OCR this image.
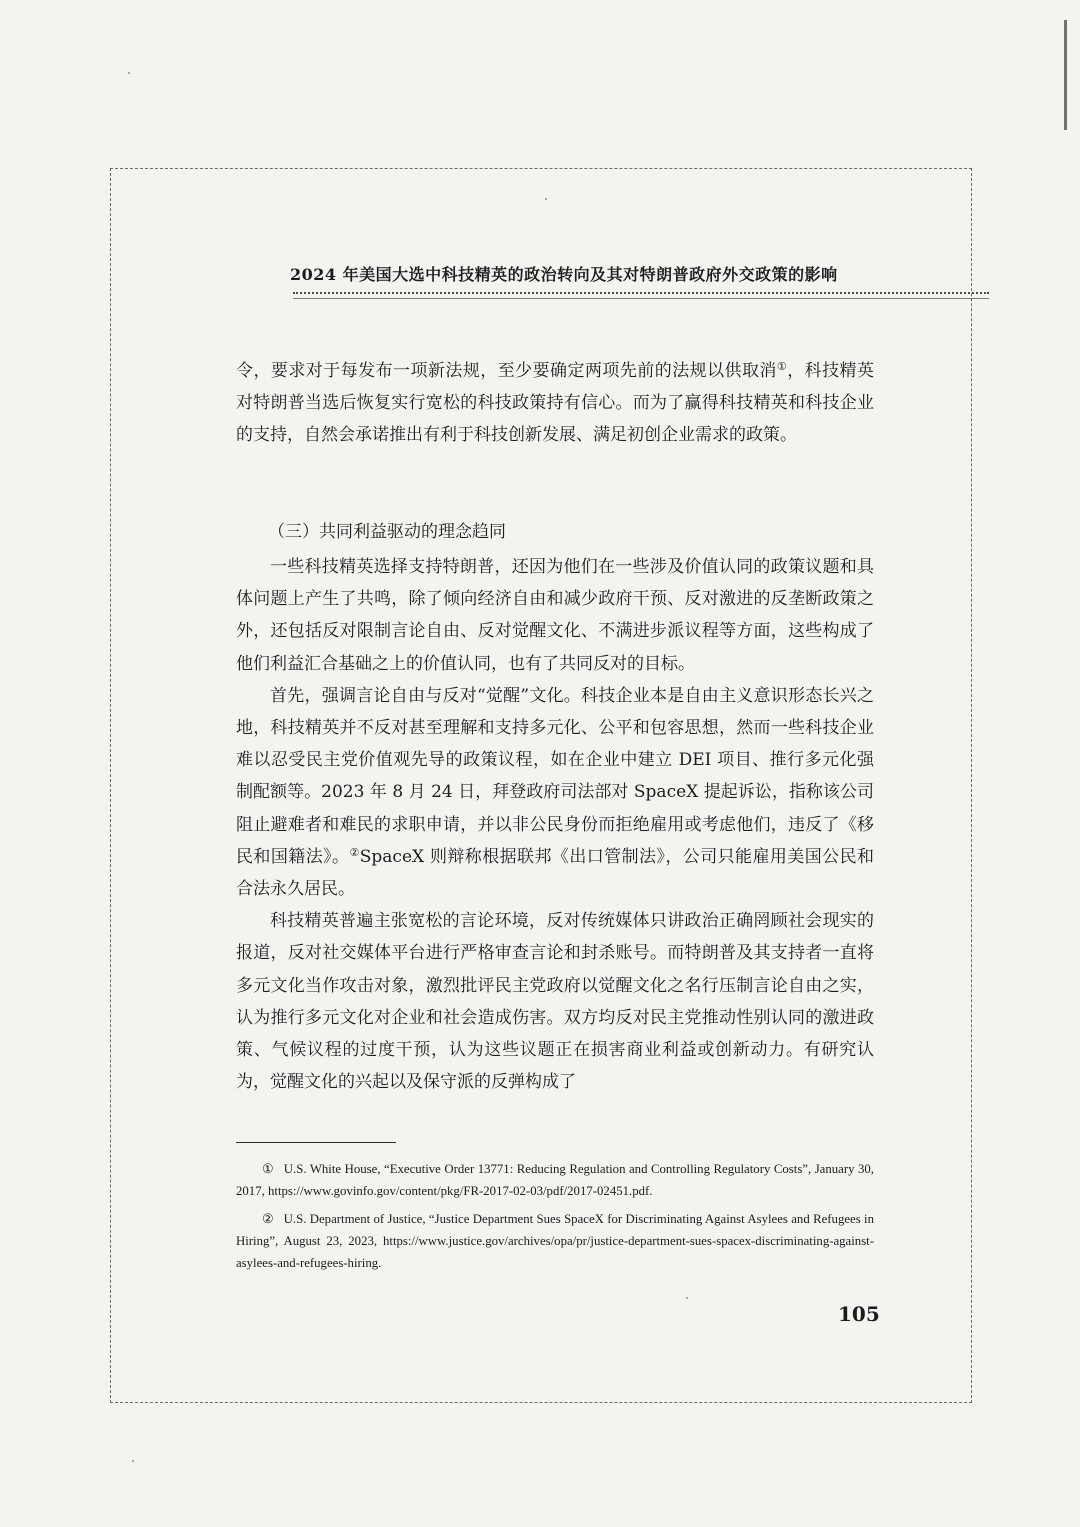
2024 年美国大选中科技精英的政治转向及其对特朗普政府外交政策的影响

令，要求对于每发布一项新法规，至少要确定两项先前的法规以供取消①，科技精英对特朗普当选后恢复实行宽松的科技政策持有信心。而为了赢得科技精英和科技企业的支持，自然会承诺推出有利于科技创新发展、满足初创企业需求的政策。

（三）共同利益驱动的理念趋同

一些科技精英选择支持特朗普，还因为他们在一些涉及价值认同的政策议题和具体问题上产生了共鸣，除了倾向经济自由和减少政府干预、反对激进的反垄断政策之外，还包括反对限制言论自由、反对觉醒文化、不满进步派议程等方面，这些构成了他们利益汇合基础之上的价值认同，也有了共同反对的目标。

首先，强调言论自由与反对“觉醒”文化。科技企业本是自由主义意识形态长兴之地，科技精英并不反对甚至理解和支持多元化、公平和包容思想，然而一些科技企业难以忍受民主党价值观先导的政策议程，如在企业中建立 DEI 项目、推行多元化强制配额等。2023 年 8 月 24 日，拜登政府司法部对 SpaceX 提起诉讼，指称该公司阻止避难者和难民的求职申请，并以非公民身份而拒绝雇用或考虑他们，违反了《移民和国籍法》。②SpaceX 则辩称根据联邦《出口管制法》，公司只能雇用美国公民和合法永久居民。

科技精英普遍主张宽松的言论环境，反对传统媒体只讲政治正确罔顾社会现实的报道，反对社交媒体平台进行严格审查言论和封杀账号。而特朗普及其支持者一直将多元文化当作攻击对象，激烈批评民主党政府以觉醒文化之名行压制言论自由之实，认为推行多元文化对企业和社会造成伤害。双方均反对民主党推动性别认同的激进政策、气候议程的过度干预，认为这些议题正在损害商业利益或创新动力。有研究认为，觉醒文化的兴起以及保守派的反弹构成了

① U.S. White House, “Executive Order 13771: Reducing Regulation and Controlling Regulatory Costs”, January 30, 2017, https://www.govinfo.gov/content/pkg/FR-2017-02-03/pdf/2017-02451.pdf.

② U.S. Department of Justice, “Justice Department Sues SpaceX for Discriminating Against Asylees and Refugees in Hiring”, August 23, 2023, https://www.justice.gov/archives/opa/pr/justice-department-sues-spacex-discriminating-against-asylees-and-refugees-hiring.

105
